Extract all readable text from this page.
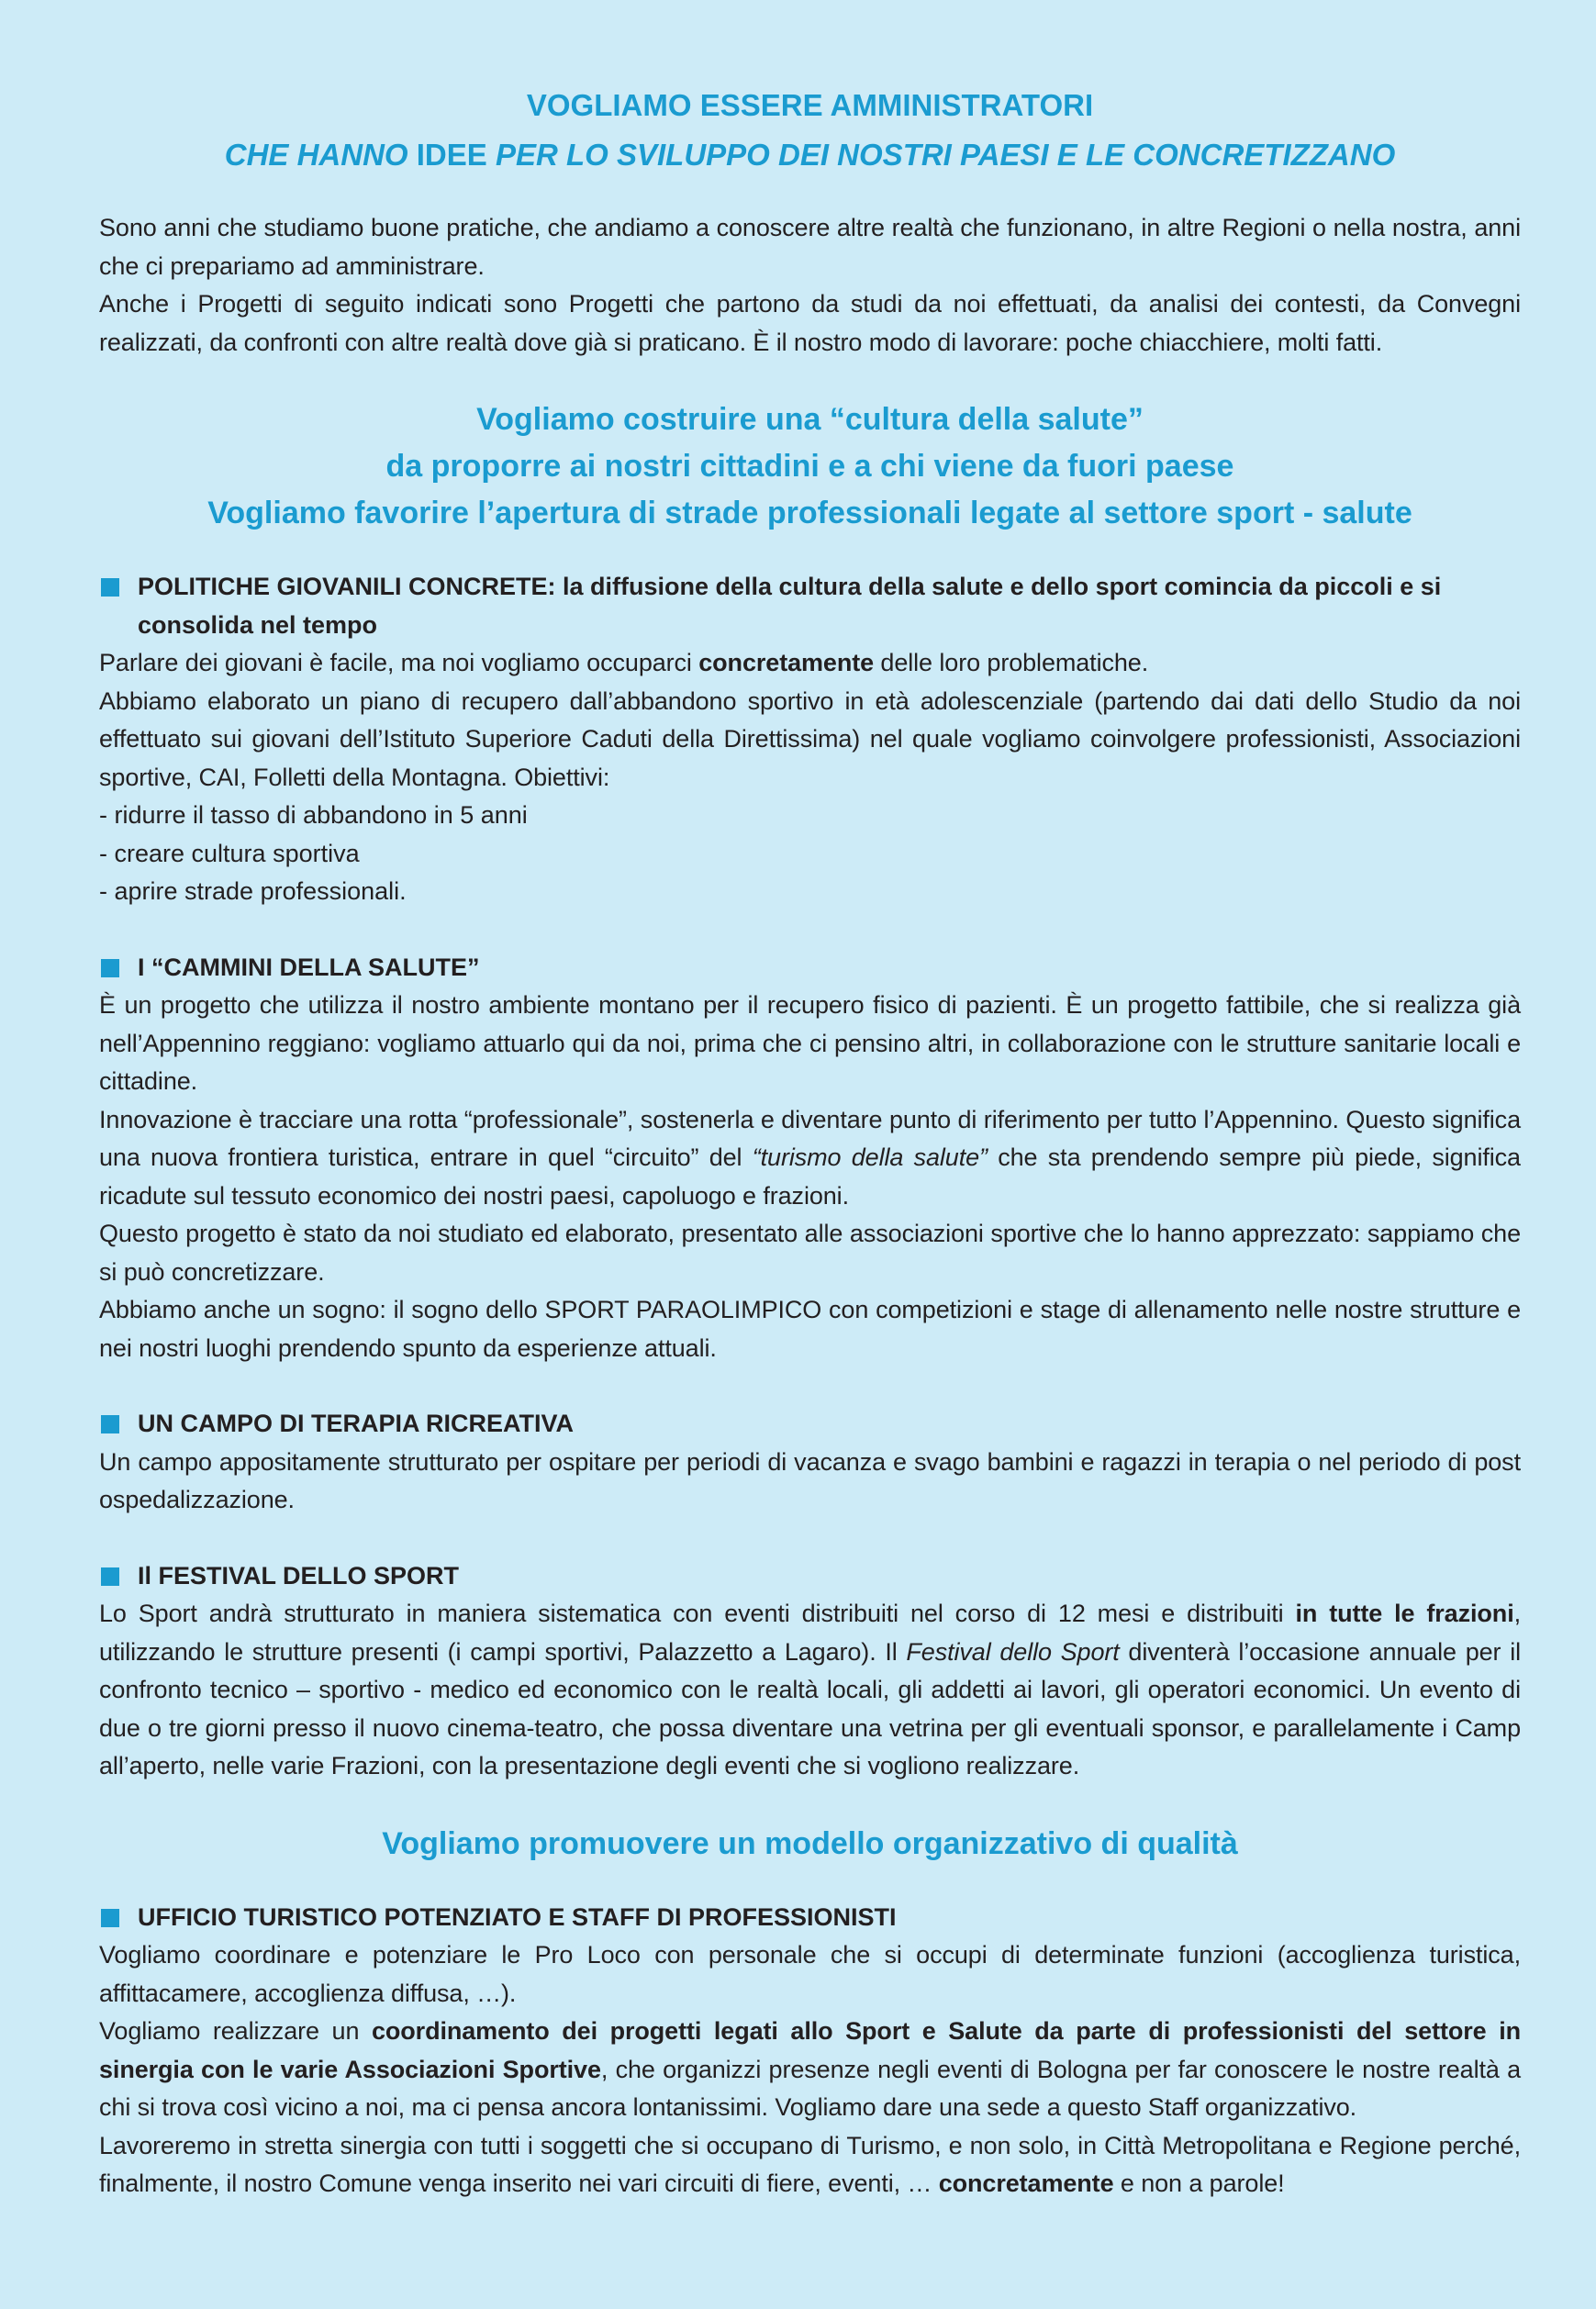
VOGLIAMO ESSERE AMMINISTRATORI
CHE HANNO IDEE PER LO SVILUPPO DEI NOSTRI PAESI E LE CONCRETIZZANO

Sono anni che studiamo buone pratiche, che andiamo a conoscere altre realtà che funzionano, in altre Regioni o nella nostra, anni che ci prepariamo ad amministrare.

Anche i Progetti di seguito indicati sono Progetti che partono da studi da noi effettuati, da analisi dei contesti, da Convegni realizzati, da confronti con altre realtà dove già si praticano. È il nostro modo di lavorare: poche chiacchiere, molti fatti.

Vogliamo costruire una “cultura della salute”
da proporre ai nostri cittadini e a chi viene da fuori paese
Vogliamo favorire l’apertura di strade professionali legate al settore sport - salute
POLITICHE GIOVANILI CONCRETE: la diffusione della cultura della salute e dello sport comincia da piccoli e si consolida nel tempo

Parlare dei giovani è facile, ma noi vogliamo occuparci concretamente delle loro problematiche.

Abbiamo elaborato un piano di recupero dall’abbandono sportivo in età adolescenziale (partendo dai dati dello Studio da noi effettuato sui giovani dell’Istituto Superiore Caduti della Direttissima) nel quale vogliamo coinvolgere professionisti, Associazioni sportive, CAI, Folletti della Montagna. Obiettivi:

- ridurre il tasso di abbandono in 5 anni
- creare cultura sportiva
- aprire strade professionali.
I “CAMMINI DELLA SALUTE”

È un progetto che utilizza il nostro ambiente montano per il recupero fisico di pazienti. È un progetto fattibile, che si realizza già nell’Appennino reggiano: vogliamo attuarlo qui da noi, prima che ci pensino altri, in collaborazione con le strutture sanitarie locali e cittadine.

Innovazione è tracciare una rotta “professionale”, sostenerla e diventare punto di riferimento per tutto l’Appennino. Questo significa una nuova frontiera turistica, entrare in quel “circuito” del “turismo della salute” che sta prendendo sempre più piede, significa ricadute sul tessuto economico dei nostri paesi, capoluogo e frazioni.

Questo progetto è stato da noi studiato ed elaborato, presentato alle associazioni sportive che lo hanno apprezzato: sappiamo che si può concretizzare.

Abbiamo anche un sogno: il sogno dello SPORT PARAOLIMPICO con competizioni e stage di allenamento nelle nostre strutture e nei nostri luoghi prendendo spunto da esperienze attuali.

UN CAMPO DI TERAPIA RICREATIVA

Un campo appositamente strutturato per ospitare per periodi di vacanza e svago bambini e ragazzi in terapia o nel periodo di post ospedalizzazione.

Il FESTIVAL DELLO SPORT

Lo Sport andrà strutturato in maniera sistematica con eventi distribuiti nel corso di 12 mesi e distribuiti in tutte le frazioni, utilizzando le strutture presenti (i campi sportivi, Palazzetto a Lagaro). Il Festival dello Sport diventerà l’occasione annuale per il confronto tecnico – sportivo - medico ed economico con le realtà locali, gli addetti ai lavori, gli operatori economici. Un evento di due o tre giorni presso il nuovo cinema-teatro, che possa diventare una vetrina per gli eventuali sponsor, e parallelamente i Camp all’aperto, nelle varie Frazioni, con la presentazione degli eventi che si vogliono realizzare.

Vogliamo promuovere un modello organizzativo di qualità
UFFICIO TURISTICO POTENZIATO E STAFF DI PROFESSIONISTI

Vogliamo coordinare e potenziare le Pro Loco con personale che si occupi di determinate funzioni (accoglienza turistica, affittacamere, accoglienza diffusa, …).

Vogliamo realizzare un coordinamento dei progetti legati allo Sport e Salute da parte di professionisti del settore in sinergia con le varie Associazioni Sportive, che organizzi presenze negli eventi di Bologna per far conoscere le nostre realtà a chi si trova così vicino a noi, ma ci pensa ancora lontanissimi. Vogliamo dare una sede a questo Staff organizzativo.

Lavoreremo in stretta sinergia con tutti i soggetti che si occupano di Turismo, e non solo, in Città Metropolitana e Regione perché, finalmente, il nostro Comune venga inserito nei vari circuiti di fiere, eventi, … concretamente e non a parole!
